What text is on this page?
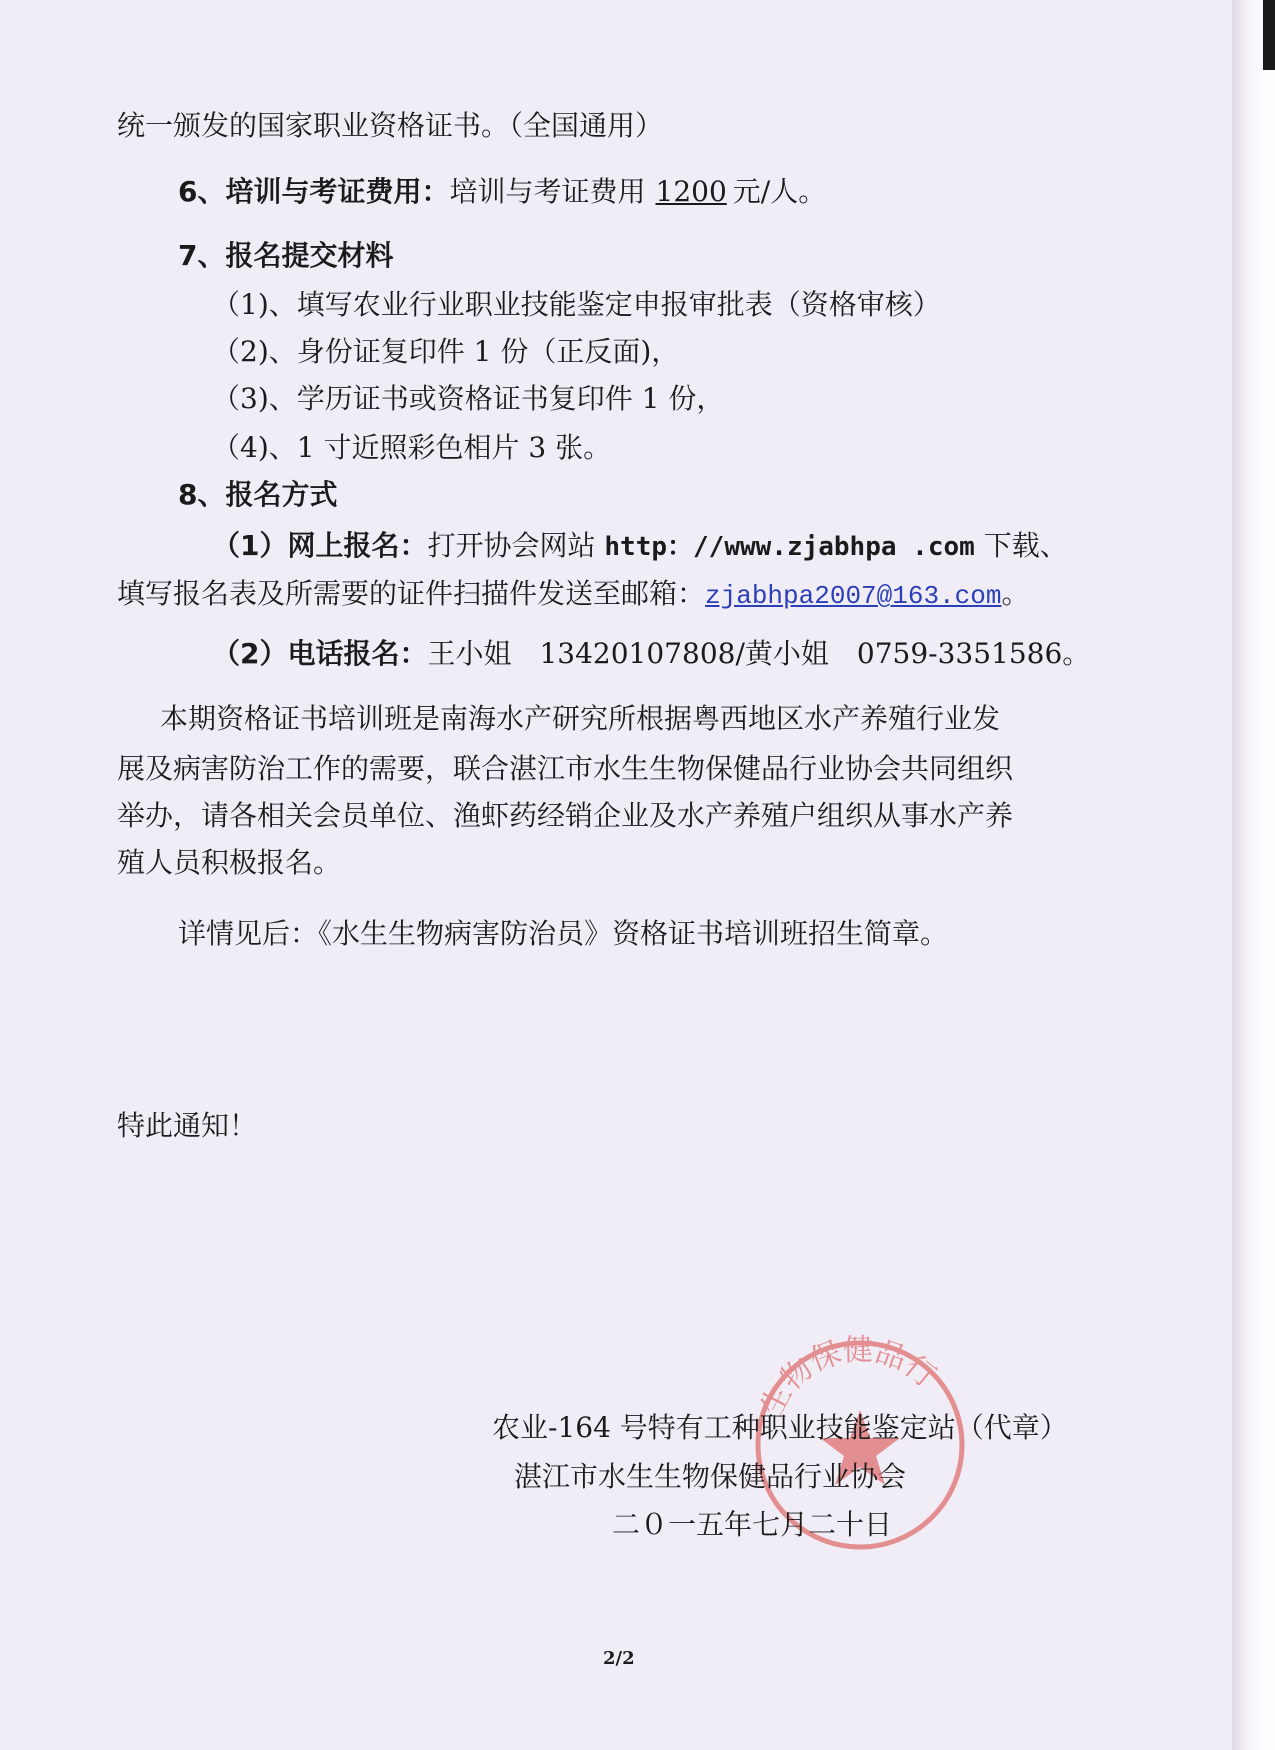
统一颁发的国家职业资格证书。（全国通用）
6、培训与考证费用：培训与考证费用 1200 元/人。
7、报名提交材料
（1)、填写农业行业职业技能鉴定申报审批表（资格审核）
（2)、身份证复印件 1 份（正反面)，
（3)、学历证书或资格证书复印件 1 份，
（4)、1 寸近照彩色相片 3 张。
8、报名方式
（1）网上报名：打开协会网站 http：//www.zjabhpa .com 下载、
填写报名表及所需要的证件扫描件发送至邮箱：zjabhpa2007@163.com。
（2）电话报名：王小姐　13420107808/黄小姐　0759-3351586。
本期资格证书培训班是南海水产研究所根据粤西地区水产养殖行业发
展及病害防治工作的需要，联合湛江市水生生物保健品行业协会共同组织
举办，请各相关会员单位、渔虾药经销企业及水产养殖户组织从事水产养
殖人员积极报名。
详情见后：《水生生物病害防治员》资格证书培训班招生简章。
特此通知！
生物保健品行
农业-164 号特有工种职业技能鉴定站（代章）
湛江市水生生物保健品行业协会
二０一五年七月二十日
2/2
